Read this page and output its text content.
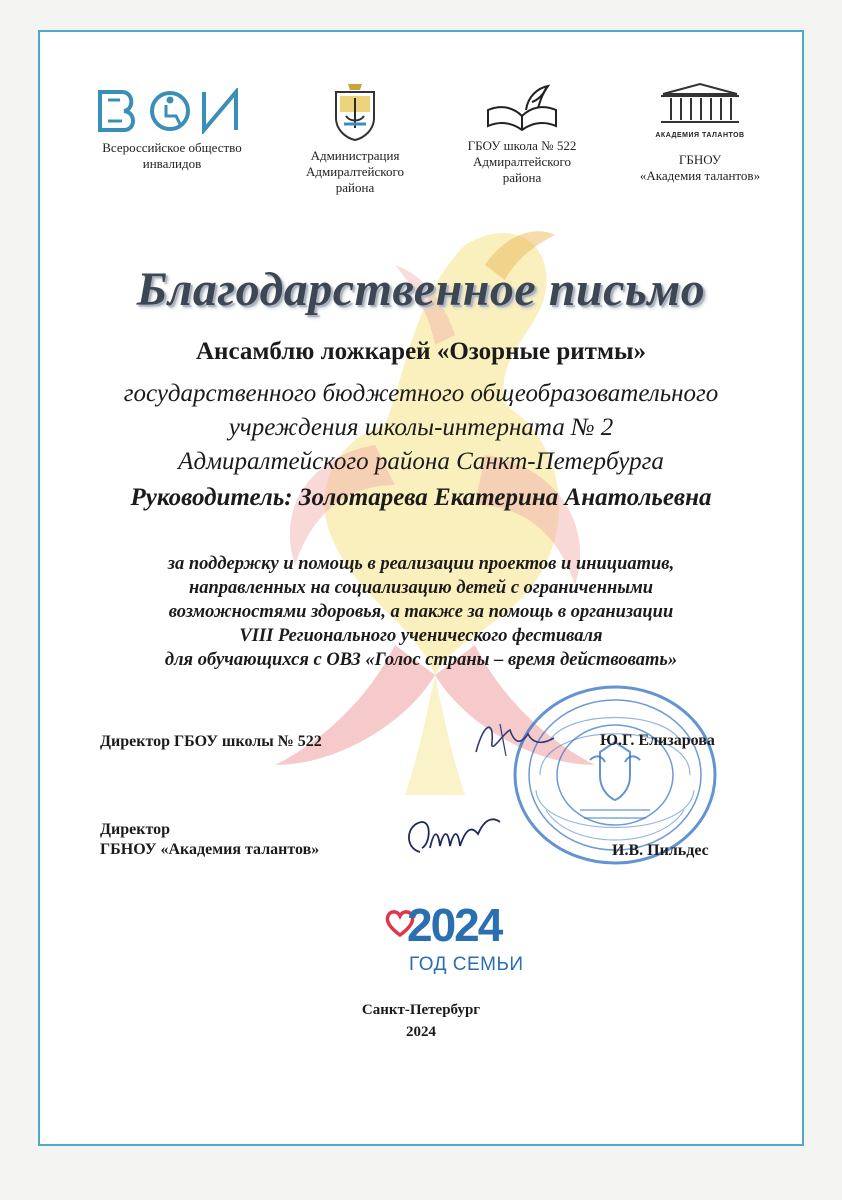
Всероссийское общество
инвалидов
Администрация
Адмиралтейского
района
ГБОУ школа № 522
Адмиралтейского
района
АКАДЕМИЯ ТАЛАНТОВ
ГБНОУ
«Академия талантов»
Благодарственное письмо
Ансамблю ложкарей «Озорные ритмы»
государственного бюджетного общеобразовательного
учреждения школы-интерната № 2
Адмиралтейского района Санкт-Петербурга
Руководитель: Золотарева Екатерина Анатольевна
за поддержку и помощь в реализации проектов и инициатив,
направленных на социализацию детей с ограниченными
возможностями здоровья, а также за помощь в организации
VIII Регионального ученического фестиваля
для обучающихся с ОВЗ «Голос страны – время действовать»
Директор ГБОУ школы № 522	Ю.Г. Елизарова
Директор
ГБНОУ «Академия талантов»	И.В. Пильдес
2024
ГОД СЕМЬИ
Санкт-Петербург
2024
